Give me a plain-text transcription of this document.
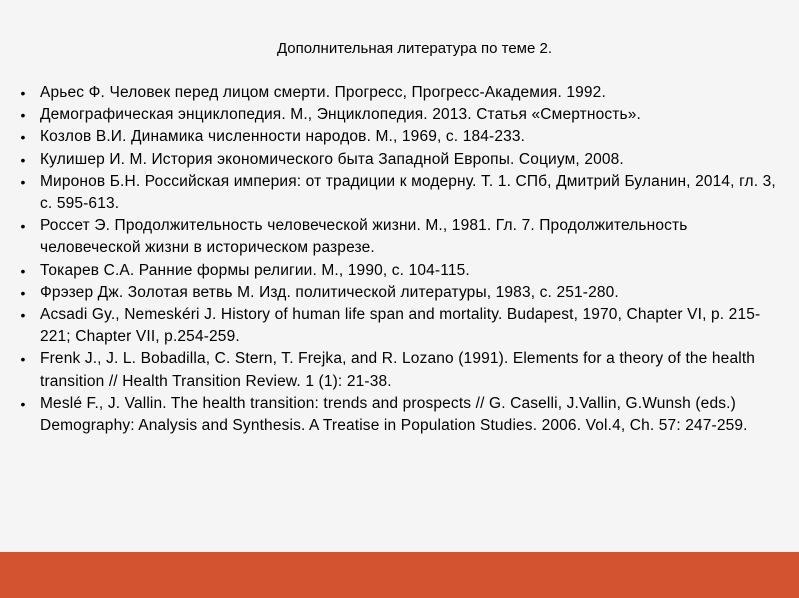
Дополнительная литература по теме 2.
• Арьес Ф. Человек перед лицом смерти. Прогресс, Прогресс-Академия. 1992.
• Демографическая энциклопедия. М., Энциклопедия. 2013. Статья «Смертность».
• Козлов В.И. Динамика численности народов. М., 1969, с. 184-233.
• Кулишер И. М. История экономического быта Западной Европы. Социум, 2008.
• Миронов Б.Н. Российская империя: от традиции к модерну. Т. 1. СПб, Дмитрий Буланин, 2014, гл. 3, с. 595-613.
• Россет Э. Продолжительность человеческой жизни. М., 1981. Гл. 7. Продолжительность человеческой жизни в историческом разрезе.
• Токарев С.А. Ранние формы религии. М., 1990, с. 104-115.
• Фрэзер Дж. Золотая ветвь М. Изд. политической литературы, 1983, с. 251-280.
• Acsadi Gy., Nemeskéri J. History of human life span and mortality. Budapest, 1970, Chapter VI, p. 215-221; Chapter VII, p.254-259.
• Frenk J., J. L. Bobadilla, C. Stern, T. Frejka, and R. Lozano (1991). Elements for a theory of the health transition // Health Transition Review. 1 (1): 21-38.
• Meslé F., J. Vallin. The health transition: trends and prospects // G. Caselli, J.Vallin, G.Wunsh (eds.) Demography: Analysis and Synthesis. A Treatise in Population Studies. 2006. Vol.4, Ch. 57: 247-259.
